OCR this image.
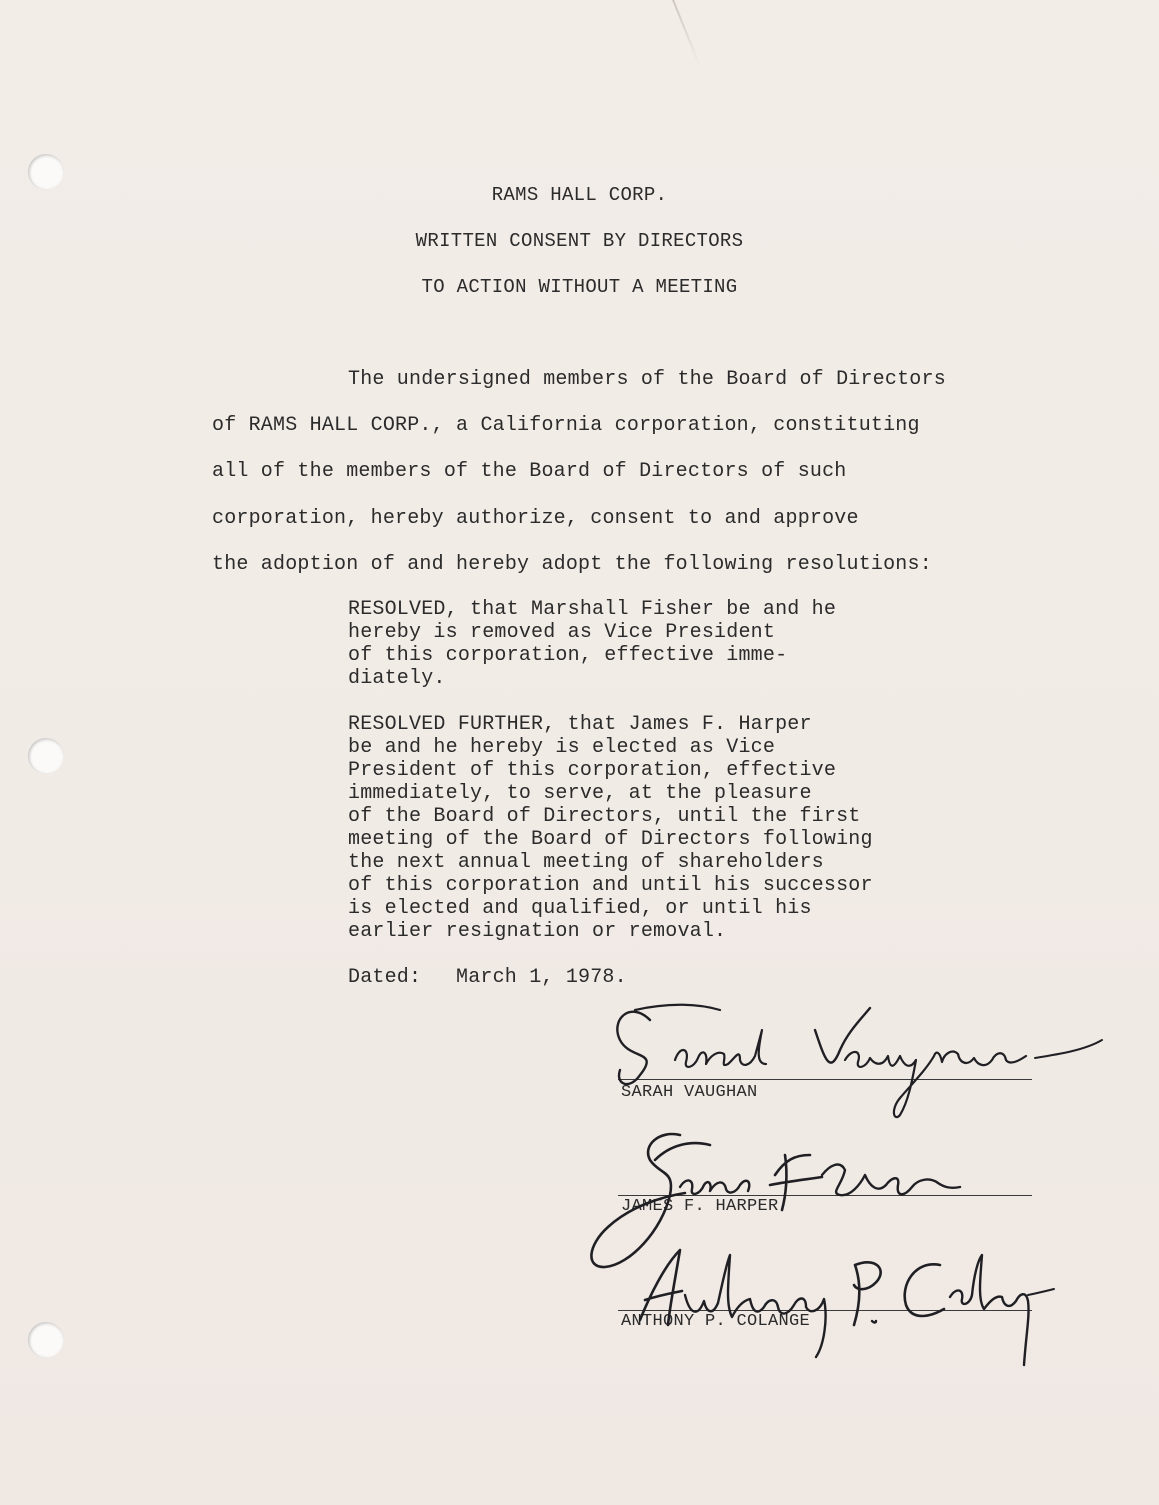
RAMS HALL CORP.
WRITTEN CONSENT BY DIRECTORS
TO ACTION WITHOUT A MEETING
The undersigned members of the Board of Directors
of RAMS HALL CORP., a California corporation, constituting
all of the members of the Board of Directors of such
corporation, hereby authorize, consent to and approve
the adoption of and hereby adopt the following resolutions:
RESOLVED, that Marshall Fisher be and he
hereby is removed as Vice President
of this corporation, effective imme-
diately.
RESOLVED FURTHER, that James F. Harper
be and he hereby is elected as Vice
President of this corporation, effective
immediately, to serve, at the pleasure
of the Board of Directors, until the first
meeting of the Board of Directors following
the next annual meeting of shareholders
of this corporation and until his successor
is elected and qualified, or until his
earlier resignation or removal.
Dated: March 1, 1978.
SARAH VAUGHAN
JAMES F. HARPER
ANTHONY P. COLANGE
